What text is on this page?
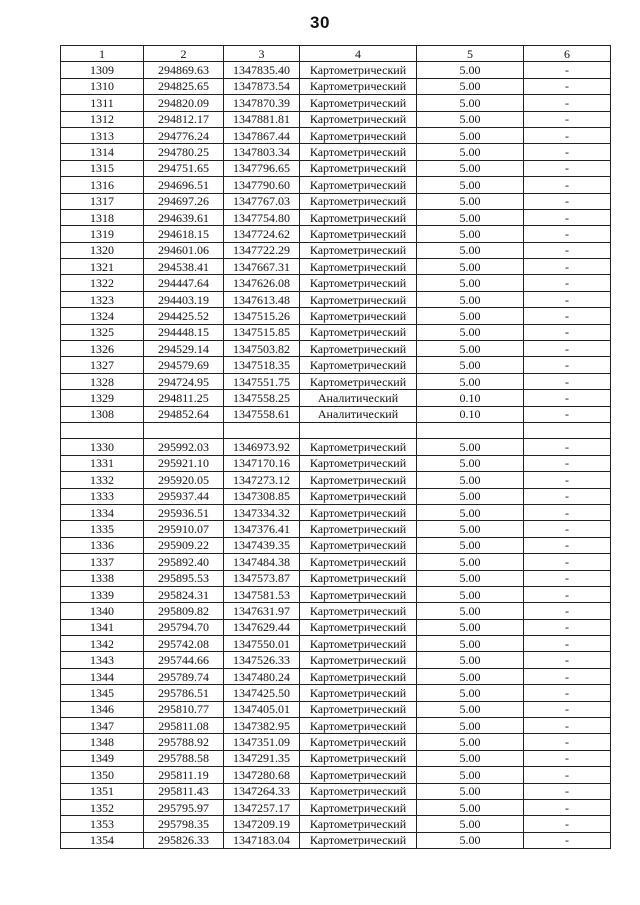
30
1	2	3	4	5	6
1309	294869.63	1347835.40	Картометрический	5.00	-
1310	294825.65	1347873.54	Картометрический	5.00	-
1311	294820.09	1347870.39	Картометрический	5.00	-
1312	294812.17	1347881.81	Картометрический	5.00	-
1313	294776.24	1347867.44	Картометрический	5.00	-
1314	294780.25	1347803.34	Картометрический	5.00	-
1315	294751.65	1347796.65	Картометрический	5.00	-
1316	294696.51	1347790.60	Картометрический	5.00	-
1317	294697.26	1347767.03	Картометрический	5.00	-
1318	294639.61	1347754.80	Картометрический	5.00	-
1319	294618.15	1347724.62	Картометрический	5.00	-
1320	294601.06	1347722.29	Картометрический	5.00	-
1321	294538.41	1347667.31	Картометрический	5.00	-
1322	294447.64	1347626.08	Картометрический	5.00	-
1323	294403.19	1347613.48	Картометрический	5.00	-
1324	294425.52	1347515.26	Картометрический	5.00	-
1325	294448.15	1347515.85	Картометрический	5.00	-
1326	294529.14	1347503.82	Картометрический	5.00	-
1327	294579.69	1347518.35	Картометрический	5.00	-
1328	294724.95	1347551.75	Картометрический	5.00	-
1329	294811.25	1347558.25	Аналитический	0.10	-
1308	294852.64	1347558.61	Аналитический	0.10	-

1330	295992.03	1346973.92	Картометрический	5.00	-
1331	295921.10	1347170.16	Картометрический	5.00	-
1332	295920.05	1347273.12	Картометрический	5.00	-
1333	295937.44	1347308.85	Картометрический	5.00	-
1334	295936.51	1347334.32	Картометрический	5.00	-
1335	295910.07	1347376.41	Картометрический	5.00	-
1336	295909.22	1347439.35	Картометрический	5.00	-
1337	295892.40	1347484.38	Картометрический	5.00	-
1338	295895.53	1347573.87	Картометрический	5.00	-
1339	295824.31	1347581.53	Картометрический	5.00	-
1340	295809.82	1347631.97	Картометрический	5.00	-
1341	295794.70	1347629.44	Картометрический	5.00	-
1342	295742.08	1347550.01	Картометрический	5.00	-
1343	295744.66	1347526.33	Картометрический	5.00	-
1344	295789.74	1347480.24	Картометрический	5.00	-
1345	295786.51	1347425.50	Картометрический	5.00	-
1346	295810.77	1347405.01	Картометрический	5.00	-
1347	295811.08	1347382.95	Картометрический	5.00	-
1348	295788.92	1347351.09	Картометрический	5.00	-
1349	295788.58	1347291.35	Картометрический	5.00	-
1350	295811.19	1347280.68	Картометрический	5.00	-
1351	295811.43	1347264.33	Картометрический	5.00	-
1352	295795.97	1347257.17	Картометрический	5.00	-
1353	295798.35	1347209.19	Картометрический	5.00	-
1354	295826.33	1347183.04	Картометрический	5.00	-
